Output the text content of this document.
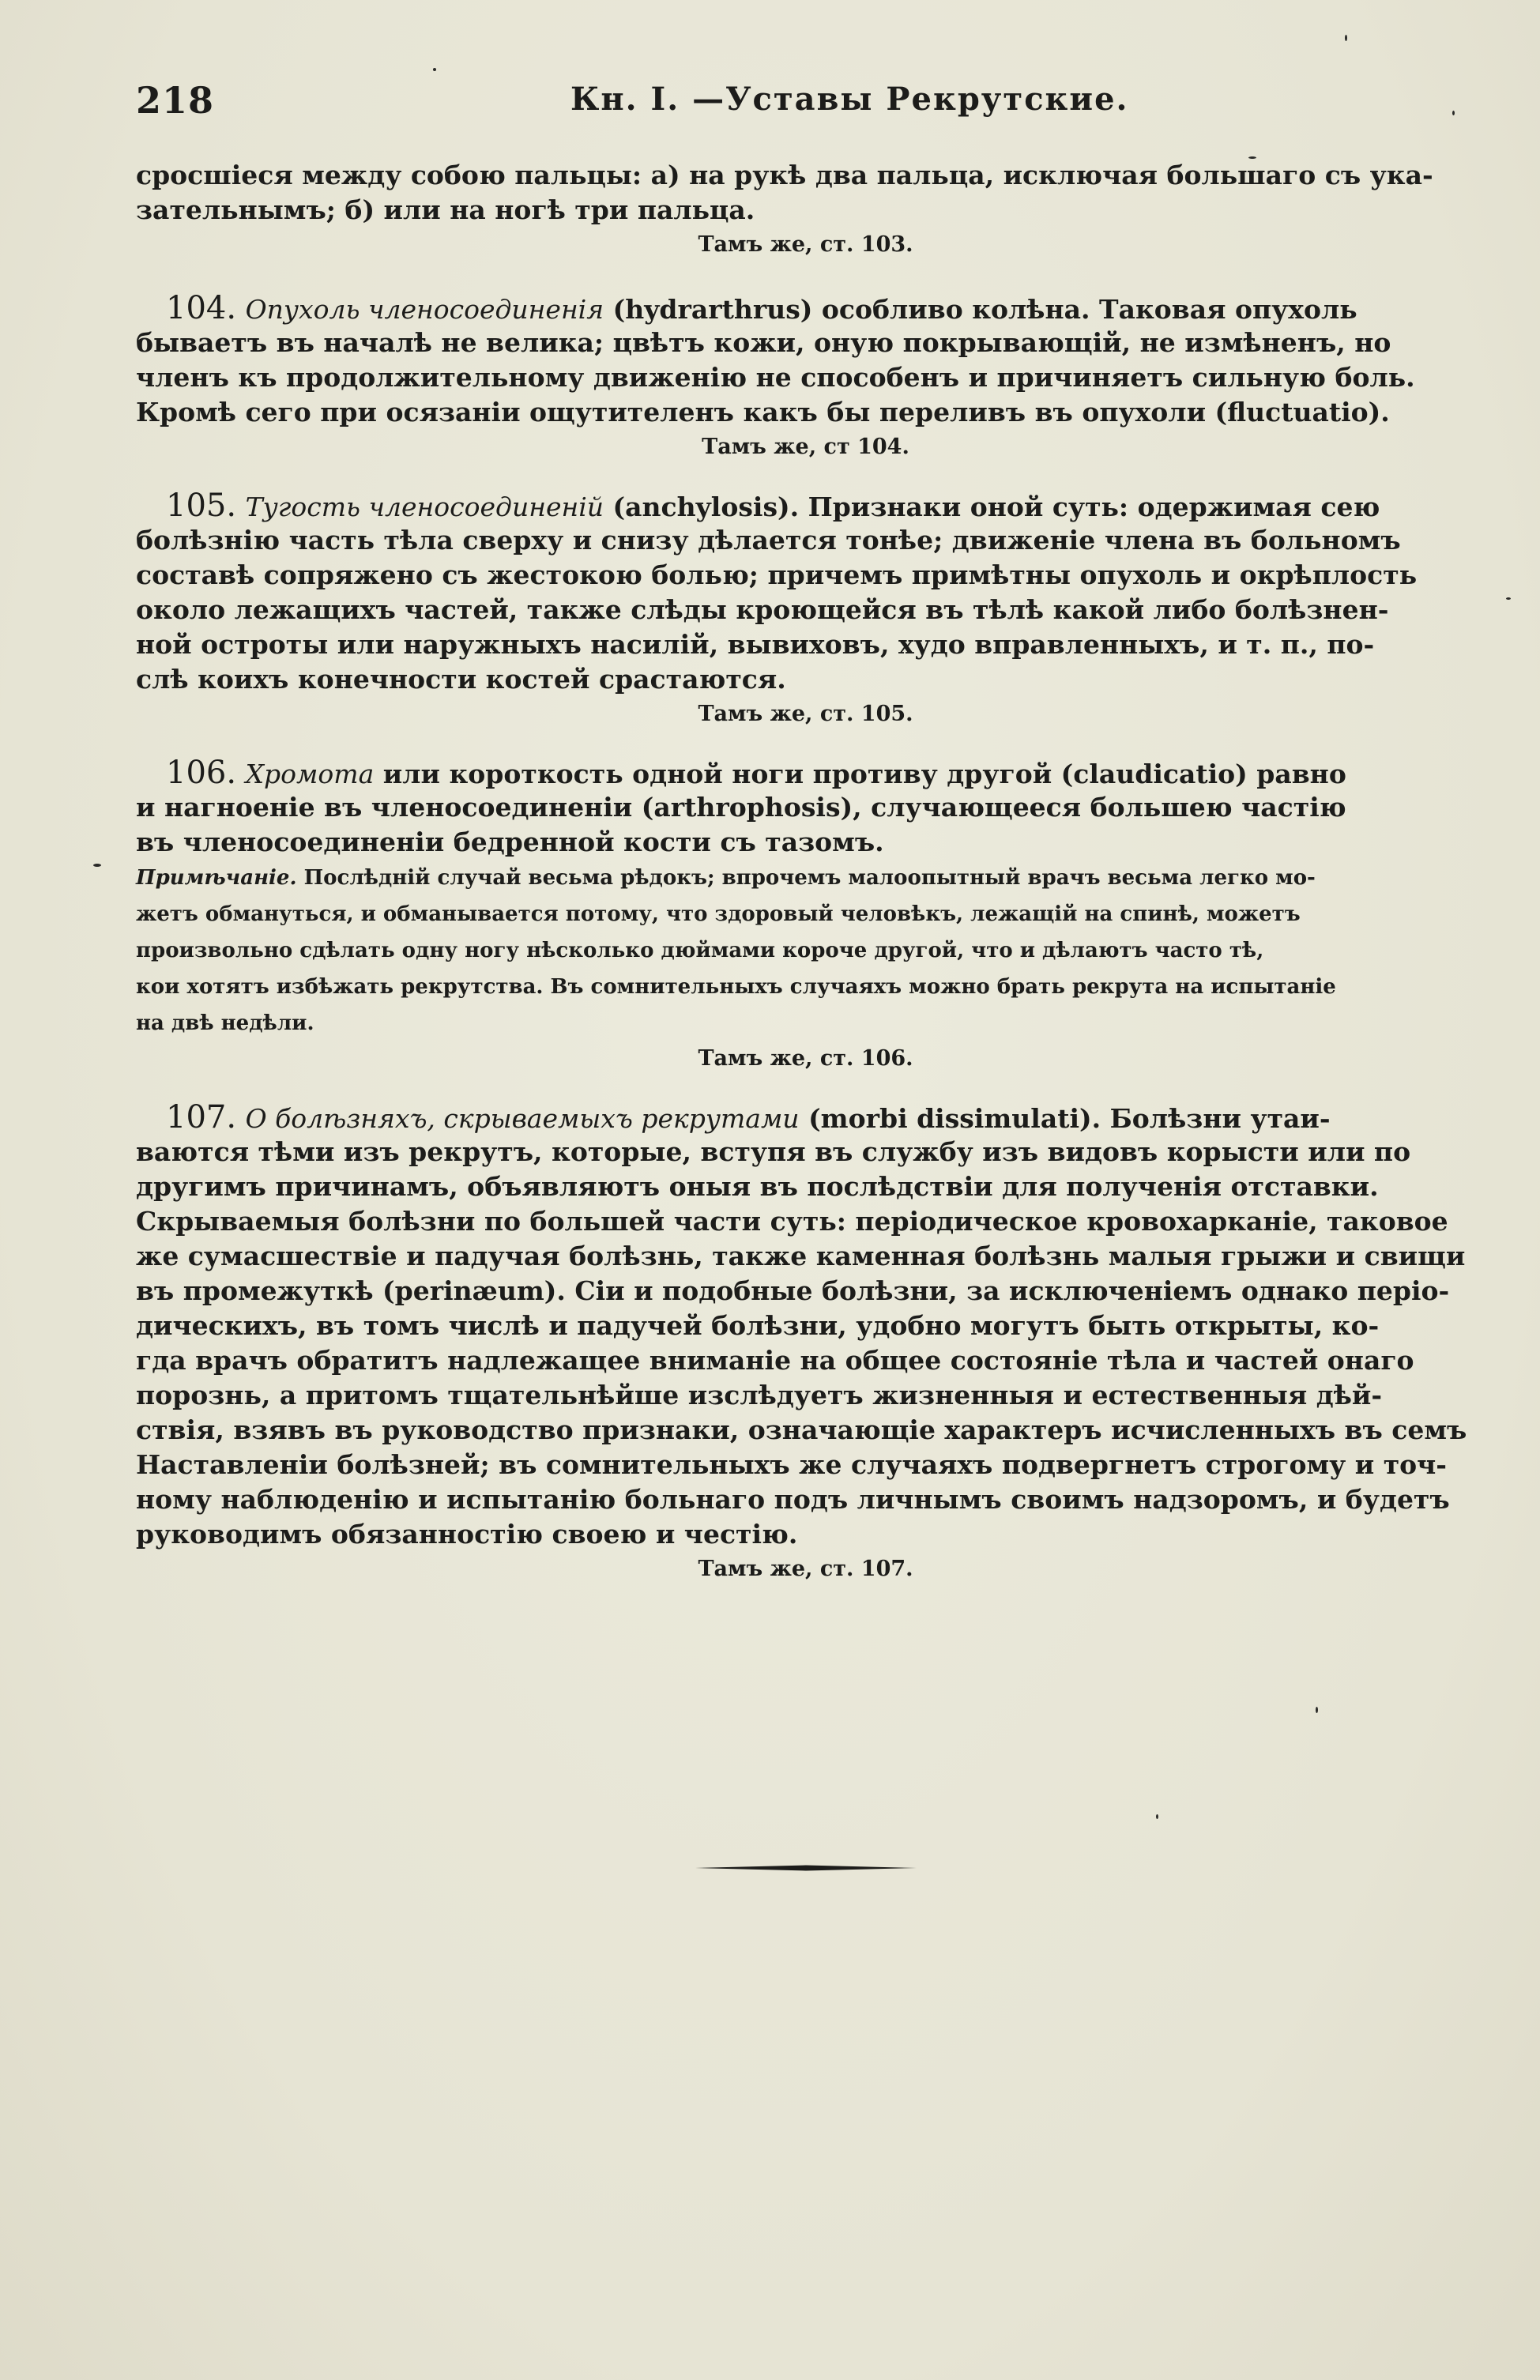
218	Кн. I. —Уставы Рекрутские.
сросшіеся между собою пальцы: а) на рукѣ два пальца, исключая большаго съ ука-
зательнымъ; б) или на ногѣ три пальца.
Тамъ же, ст. 103.
104. Опухоль членосоединенія (hydrarthrus) особливо колѣна. Таковая опухоль
бываетъ въ началѣ не велика; цвѣтъ кожи, оную покрывающій, не измѣненъ, но
членъ къ продолжительному движенію не способенъ и причиняетъ сильную боль.
Кромѣ сего при осязаніи ощутителенъ какъ бы переливъ въ опухоли (fluctuatio).
Тамъ же, ст 104.
105. Тугость членосоединеній (anchylosis). Признаки оной суть: одержимая сею
болѣзнію часть тѣла сверху и снизу дѣлается тонѣе; движеніе члена въ больномъ
составѣ сопряжено съ жестокою болью; причемъ примѣтны опухоль и окрѣплость
около лежащихъ частей, также слѣды кроющейся въ тѣлѣ какой либо болѣзнен-
ной остроты или наружныхъ насилій, вывиховъ, худо вправленныхъ, и т. п., по-
слѣ коихъ конечности костей срастаются.
Тамъ же, ст. 105.
106. Хромота или короткость одной ноги противу другой (claudicatio) равно
и нагноеніе въ членосоединеніи (arthrophosis), случающееся большею частію
въ членосоединеніи бедренной кости съ тазомъ.
Примѣчаніе. Послѣдній случай весьма рѣдокъ; впрочемъ малоопытный врачъ весьма легко мо-
жетъ обмануться, и обманывается потому, что здоровый человѣкъ, лежащій на спинѣ, можетъ
произвольно сдѣлать одну ногу нѣсколько дюймами короче другой, что и дѣлаютъ часто тѣ,
кои хотятъ избѣжать рекрутства. Въ сомнительныхъ случаяхъ можно брать рекрута на испытаніе
на двѣ недѣли.
Тамъ же, ст. 106.
107. О болѣзняхъ, скрываемыхъ рекрутами (morbi dissimulati). Болѣзни утаи-
ваются тѣми изъ рекрутъ, которые, вступя въ службу изъ видовъ корысти или по
другимъ причинамъ, объявляютъ оныя въ послѣдствіи для полученія отставки.
Скрываемыя болѣзни по большей части суть: періодическое кровохарканіе, таковое
же сумасшествіе и падучая болѣзнь, также каменная болѣзнь малыя грыжи и свищи
въ промежуткѣ (perinæum). Сіи и подобные болѣзни, за исключеніемъ однако періо-
дическихъ, въ томъ числѣ и падучей болѣзни, удобно могутъ быть открыты, ко-
гда врачъ обратитъ надлежащее вниманіе на общее состояніе тѣла и частей онаго
порознь, а притомъ тщательнѣйше изслѣдуетъ жизненныя и естественныя дѣй-
ствія, взявъ въ руководство признаки, означающіе характеръ исчисленныхъ въ семъ
Наставленіи болѣзней; въ сомнительныхъ же случаяхъ подвергнетъ строгому и точ-
ному наблюденію и испытанію больнаго подъ личнымъ своимъ надзоромъ, и будетъ
руководимъ обязанностію своею и честію.
Тамъ же, ст. 107.
